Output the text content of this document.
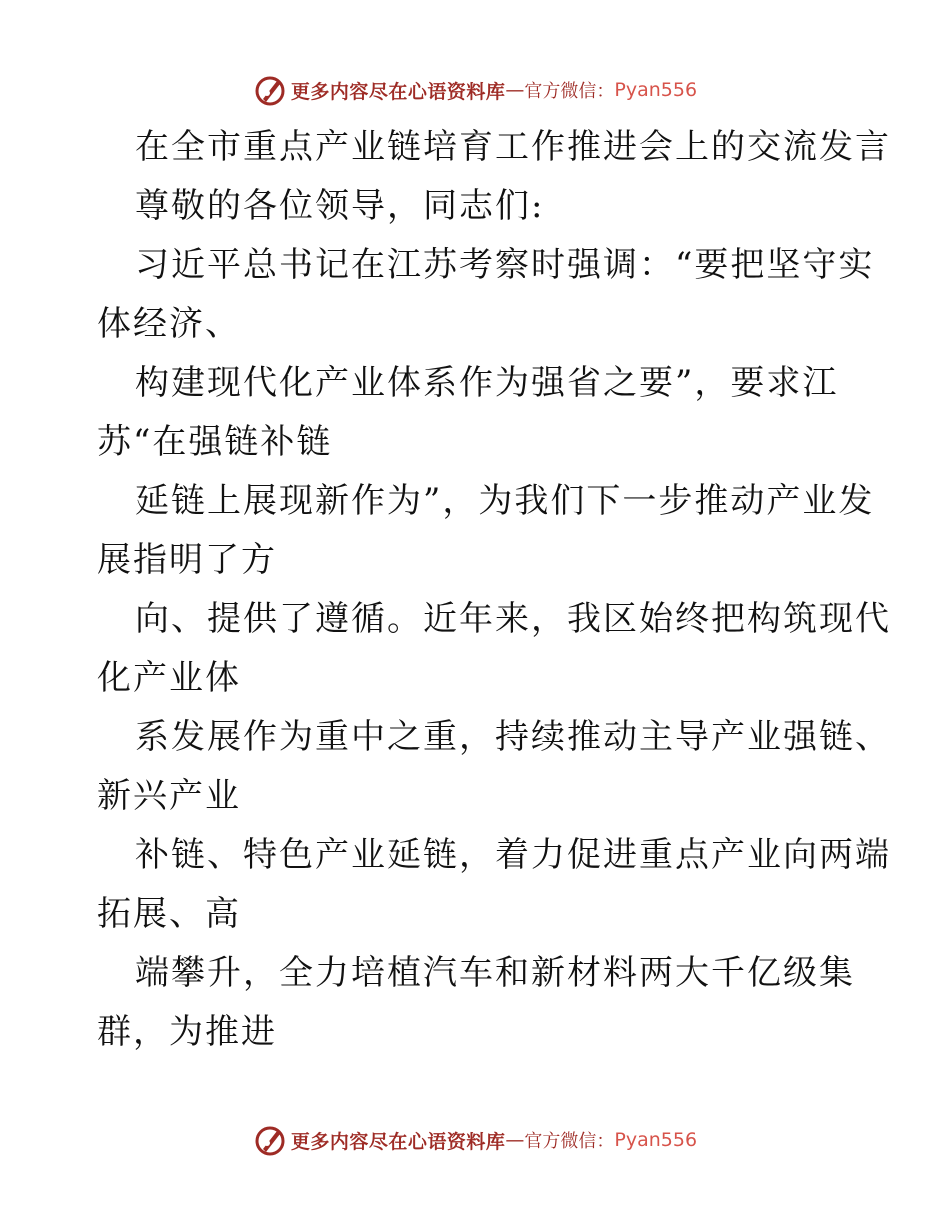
更多内容尽在心语资料库 — 官方微信： Pyan556
在全市重点产业链培育工作推进会上的交流发言
尊敬的各位领导，同志们:
习近平总书记在江苏考察时强调：“要把坚守实
体经济、
构建现代化产业体系作为强省之要”，要求江
苏“在强链补链
延链上展现新作为”，为我们下一步推动产业发
展指明了方
向、提供了遵循。近年来，我区始终把构筑现代
化产业体
系发展作为重中之重，持续推动主导产业强链、
新兴产业
补链、特色产业延链，着力促进重点产业向两端
拓展、高
端攀升，全力培植汽车和新材料两大千亿级集
群，为推进
更多内容尽在心语资料库 — 官方微信： Pyan556
